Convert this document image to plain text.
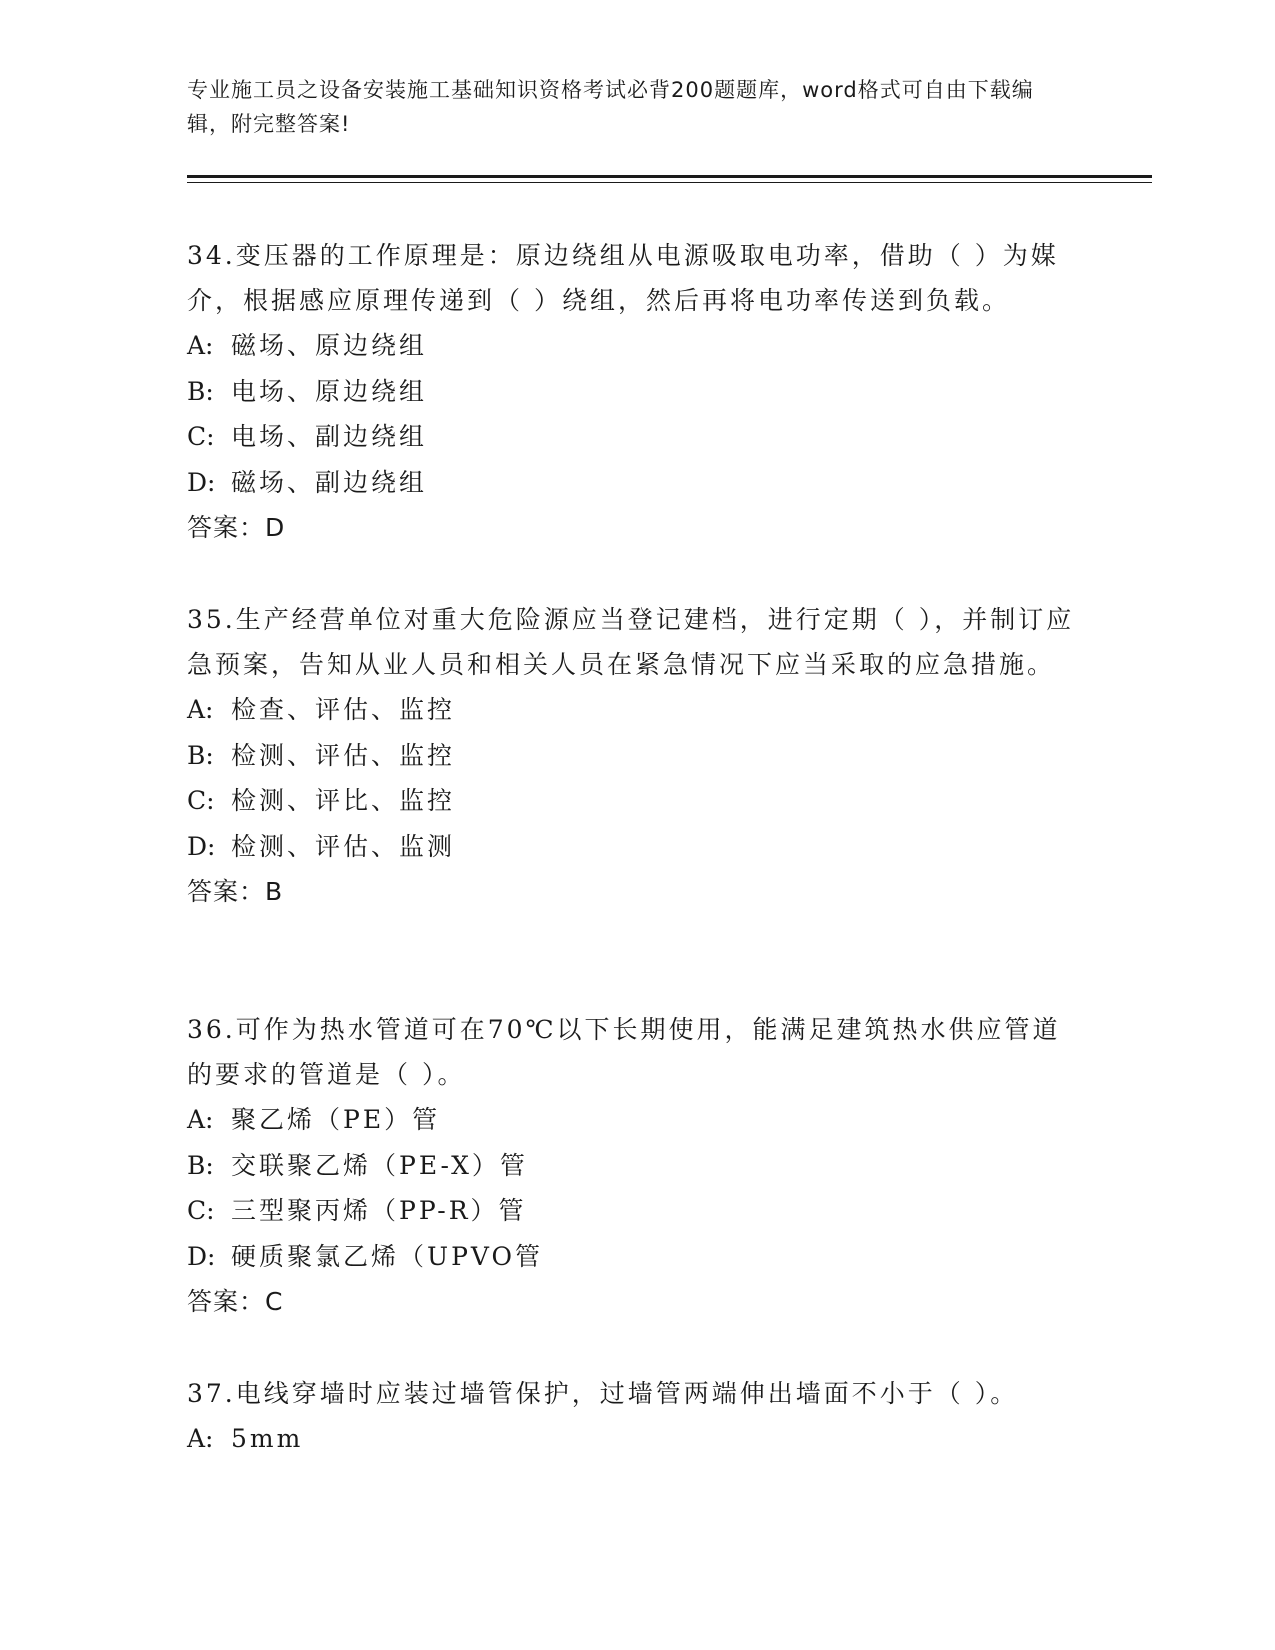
专业施工员之设备安装施工基础知识资格考试必背200题题库，word格式可自由下载编辑，附完整答案!

34.变压器的工作原理是：原边绕组从电源吸取电功率，借助（ ）为媒介，根据感应原理传递到（ ）绕组，然后再将电功率传送到负载。

A: 磁场、原边绕组

B: 电场、原边绕组

C: 电场、副边绕组

D: 磁场、副边绕组

答案：D

35.生产经营单位对重大危险源应当登记建档，进行定期（ ），并制订应急预案，告知从业人员和相关人员在紧急情况下应当采取的应急措施。

A: 检查、评估、监控

B: 检测、评估、监控

C: 检测、评比、监控

D: 检测、评估、监测

答案：B

36.可作为热水管道可在70℃以下长期使用，能满足建筑热水供应管道的要求的管道是（ ）。

A: 聚乙烯（PE）管

B: 交联聚乙烯（PE-X）管

C: 三型聚丙烯（PP-R）管

D: 硬质聚氯乙烯（UPVO管

答案：C

37.电线穿墙时应装过墙管保护，过墙管两端伸出墙面不小于（ ）。

A: 5mm
